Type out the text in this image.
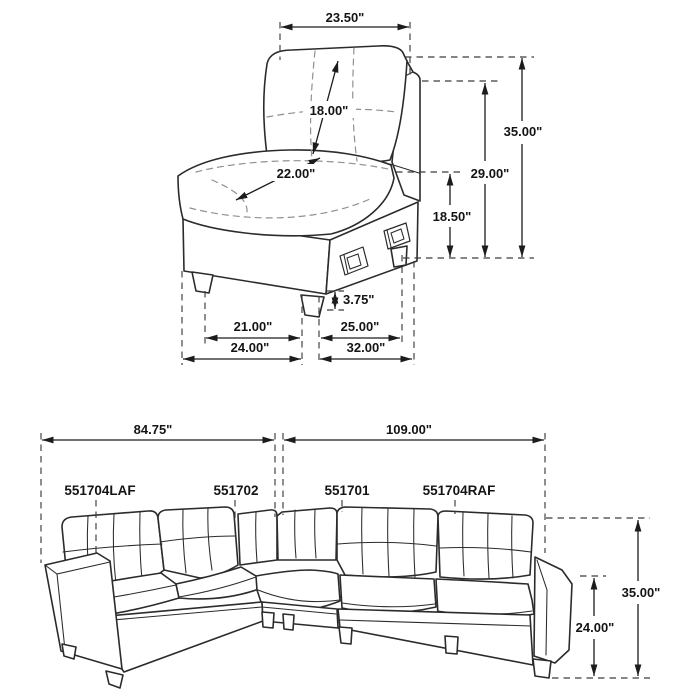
23.50"
18.00"
22.00"
35.00"
29.00"
18.50"
3.75"
21.00"	25.00"
24.00"	32.00"
84.75"	109.00"
551704LAF	551702	551701	551704RAF
35.00"
24.00"
